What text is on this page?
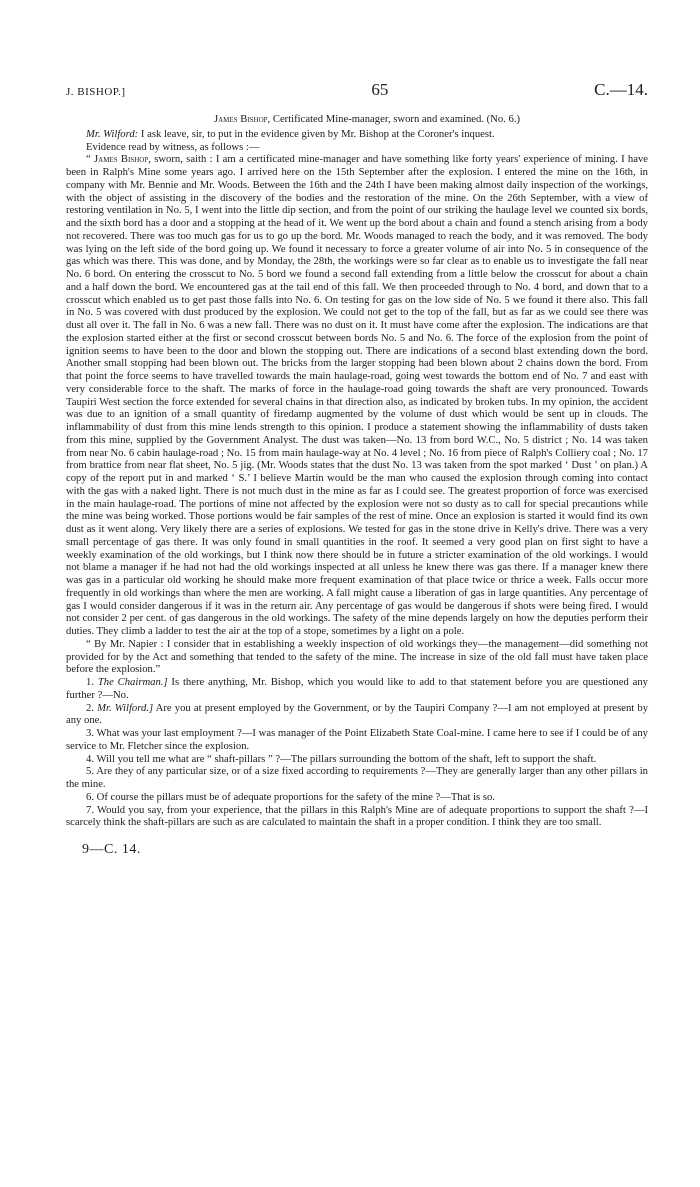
J. BISHOP.]	65	C.—14.

James Bishop, Certificated Mine-manager, sworn and examined. (No. 6.)

Mr. Wilford: I ask leave, sir, to put in the evidence given by Mr. Bishop at the Coroner's inquest.

Evidence read by witness, as follows :—

“ James Bishop, sworn, saith : I am a certificated mine-manager and have something like forty years' experience of mining. I have been in Ralph's Mine some years ago. I arrived here on the 15th September after the explosion. I entered the mine on the 16th, in company with Mr. Bennie and Mr. Woods. Between the 16th and the 24th I have been making almost daily inspection of the workings, with the object of assisting in the discovery of the bodies and the restoration of the mine. On the 26th September, with a view of restoring ventilation in No. 5, I went into the little dip section, and from the point of our striking the haulage level we counted six bords, and the sixth bord has a door and a stopping at the head of it. We went up the bord about a chain and found a stench arising from a body not recovered. There was too much gas for us to go up the bord. Mr. Woods managed to reach the body, and it was removed. The body was lying on the left side of the bord going up. We found it necessary to force a greater volume of air into No. 5 in consequence of the gas which was there. This was done, and by Monday, the 28th, the workings were so far clear as to enable us to investigate the fall near No. 6 bord. On entering the crosscut to No. 5 bord we found a second fall extending from a little below the crosscut for about a chain and a half down the bord. We encountered gas at the tail end of this fall. We then proceeded through to No. 4 bord, and down that to a crosscut which enabled us to get past those falls into No. 6. On testing for gas on the low side of No. 5 we found it there also. This fall in No. 5 was covered with dust produced by the explosion. We could not get to the top of the fall, but as far as we could see there was dust all over it. The fall in No. 6 was a new fall. There was no dust on it. It must have come after the explosion. The indications are that the explosion started either at the first or second crosscut between bords No. 5 and No. 6. The force of the explosion from the point of ignition seems to have been to the door and blown the stopping out. There are indications of a second blast extending down the bord. Another small stopping had been blown out. The bricks from the larger stopping had been blown about 2 chains down the bord. From that point the force seems to have travelled towards the main haulage-road, going west towards the bottom end of No. 7 and east with very considerable force to the shaft. The marks of force in the haulage-road going towards the shaft are very pronounced. Towards Taupiri West section the force extended for several chains in that direction also, as indicated by broken tubs. In my opinion, the accident was due to an ignition of a small quantity of firedamp augmented by the volume of dust which would be sent up in clouds. The inflammability of dust from this mine lends strength to this opinion. I produce a statement showing the inflammability of dusts taken from this mine, supplied by the Government Analyst. The dust was taken—No. 13 from bord W.C., No. 5 district ; No. 14 was taken from near No. 6 cabin haulage-road ; No. 15 from main haulage-way at No. 4 level ; No. 16 from piece of Ralph's Colliery coal ; No. 17 from brattice from near flat sheet, No. 5 jig. (Mr. Woods states that the dust No. 13 was taken from the spot marked ‘ Dust ’ on plan.) A copy of the report put in and marked ‘ S.’ I believe Martin would be the man who caused the explosion through coming into contact with the gas with a naked light. There is not much dust in the mine as far as I could see. The greatest proportion of force was exercised in the main haulage-road. The portions of mine not affected by the explosion were not so dusty as to call for special precautions while the mine was being worked. Those portions would be fair samples of the rest of mine. Once an explosion is started it would find its own dust as it went along. Very likely there are a series of explosions. We tested for gas in the stone drive in Kelly's drive. There was a very small percentage of gas there. It was only found in small quantities in the roof. It seemed a very good plan on first sight to have a weekly examination of the old workings, but I think now there should be in future a stricter examination of the old workings. I would not blame a manager if he had not had the old workings inspected at all unless he knew there was gas there. If a manager knew there was gas in a particular old working he should make more frequent examination of that place twice or thrice a week. Falls occur more frequently in old workings than where the men are working. A fall might cause a liberation of gas in large quantities. Any percentage of gas I would consider dangerous if it was in the return air. Any percentage of gas would be dangerous if shots were being fired. I would not consider 2 per cent. of gas dangerous in the old workings. The safety of the mine depends largely on how the deputies perform their duties. They climb a ladder to test the air at the top of a stope, sometimes by a light on a pole.

“ By Mr. Napier : I consider that in establishing a weekly inspection of old workings they—the management—did something not provided for by the Act and something that tended to the safety of the mine. The increase in size of the old fall must have taken place before the explosion.”

1. The Chairman.] Is there anything, Mr. Bishop, which you would like to add to that statement before you are questioned any further ?—No.

2. Mr. Wilford.] Are you at present employed by the Government, or by the Taupiri Company ?—I am not employed at present by any one.

3. What was your last employment ?—I was manager of the Point Elizabeth State Coal-mine. I came here to see if I could be of any service to Mr. Fletcher since the explosion.

4. Will you tell me what are “ shaft-pillars ” ?—The pillars surrounding the bottom of the shaft, left to support the shaft.

5. Are they of any particular size, or of a size fixed according to requirements ?—They are generally larger than any other pillars in the mine.

6. Of course the pillars must be of adequate proportions for the safety of the mine ?—That is so.

7. Would you say, from your experience, that the pillars in this Ralph's Mine are of adequate proportions to support the shaft ?—I scarcely think the shaft-pillars are such as are calculated to maintain the shaft in a proper condition. I think they are too small.

9—C. 14.
